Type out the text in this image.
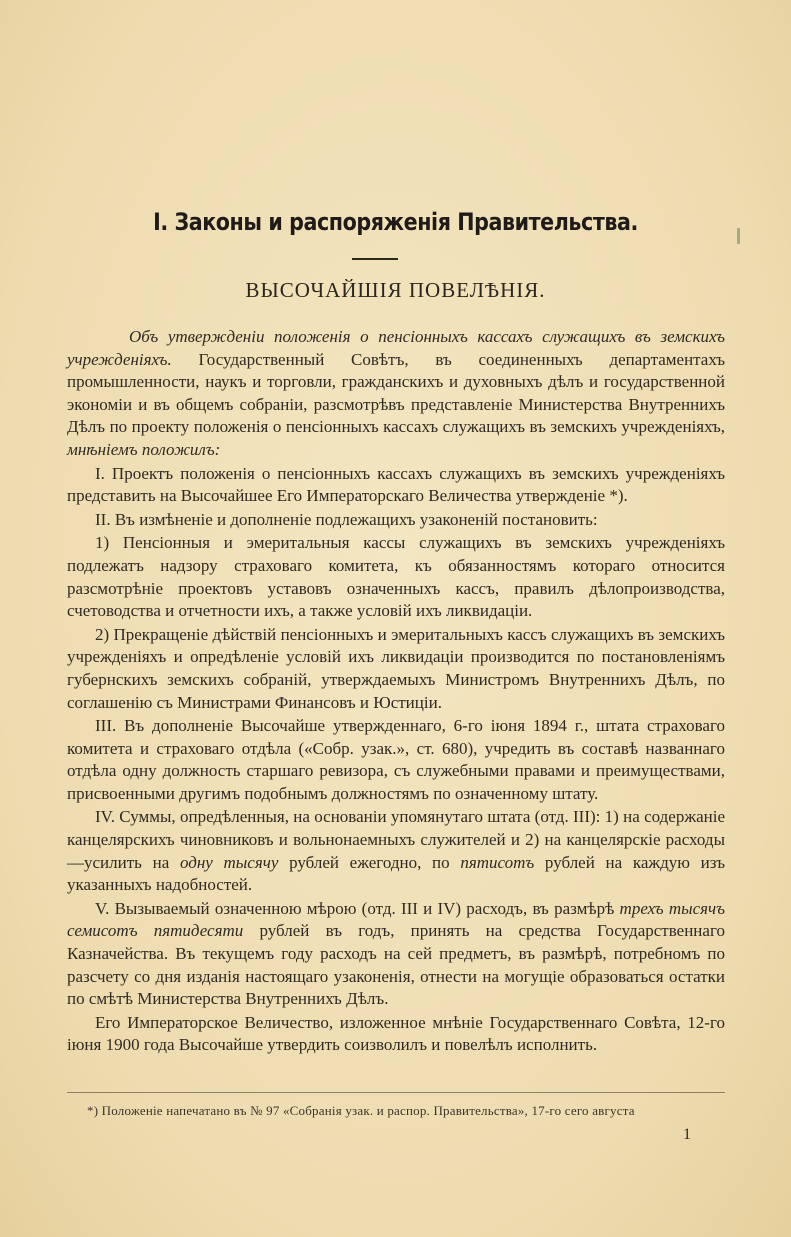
I. Законы и распоряженія Правительства.
ВЫСОЧАЙШІЯ ПОВЕЛѢНІЯ.

Объ утвержденіи положенія о пенсіонныхъ кассахъ служащихъ въ земскихъ учрежденіяхъ. Государственный Совѣтъ, въ соединенныхъ департаментахъ промышленности, наукъ и торговли, гражданскихъ и духовныхъ дѣлъ и государственной экономіи и въ общемъ собраніи, разсмотрѣвъ представленіе Министерства Внутреннихъ Дѣлъ по проекту положенія о пенсіонныхъ кассахъ служащихъ въ земскихъ учрежденіяхъ, мнѣніемъ положилъ:

I. Проектъ положенія о пенсіонныхъ кассахъ служащихъ въ земскихъ учрежденіяхъ представить на Высочайшее Его Императорскаго Величества утвержденіе *).

II. Въ измѣненіе и дополненіе подлежащихъ узаконеній постановить:

1) Пенсіонныя и эмеритальныя кассы служащихъ въ земскихъ учрежденіяхъ подлежатъ надзору страховаго комитета, къ обязанностямъ котораго относится разсмотрѣніе проектовъ уставовъ означенныхъ кассъ, правилъ дѣлопроизводства, счетоводства и отчетности ихъ, а также условій ихъ ликвидаціи.

2) Прекращеніе дѣйствій пенсіонныхъ и эмеритальныхъ кассъ служащихъ въ земскихъ учрежденіяхъ и опредѣленіе условій ихъ ликвидаціи производится по постановленіямъ губернскихъ земскихъ собраній, утверждаемыхъ Министромъ Внутреннихъ Дѣлъ, по соглашенію съ Министрами Финансовъ и Юстиціи.

III. Въ дополненіе Высочайше утвержденнаго, 6-го іюня 1894 г., штата страховаго комитета и страховаго отдѣла («Собр. узак.», ст. 680), учредить въ составѣ названнаго отдѣла одну должность старшаго ревизора, съ служебными правами и преимуществами, присвоенными другимъ подобнымъ должностямъ по означенному штату.

IV. Суммы, опредѣленныя, на основаніи упомянутаго штата (отд. III): 1) на содержаніе канцелярскихъ чиновниковъ и вольнонаемныхъ служителей и 2) на канцелярскіе расходы—усилить на одну тысячу рублей ежегодно, по пятисотъ рублей на каждую изъ указанныхъ надобностей.

V. Вызываемый означенною мѣрою (отд. III и IV) расходъ, въ размѣрѣ трехъ тысячъ семисотъ пятидесяти рублей въ годъ, принять на средства Государственнаго Казначейства. Въ текущемъ году расходъ на сей предметъ, въ размѣрѣ, потребномъ по разсчету со дня изданія настоящаго узаконенія, отнести на могущіе образоваться остатки по смѣтѣ Министерства Внутреннихъ Дѣлъ.

Его Императорское Величество, изложенное мнѣніе Государственнаго Совѣта, 12-го іюня 1900 года Высочайше утвердить соизволилъ и повелѣлъ исполнить.

*) Положеніе напечатано въ № 97 «Собранія узак. и распор. Правительства», 17-го сего августа
1
